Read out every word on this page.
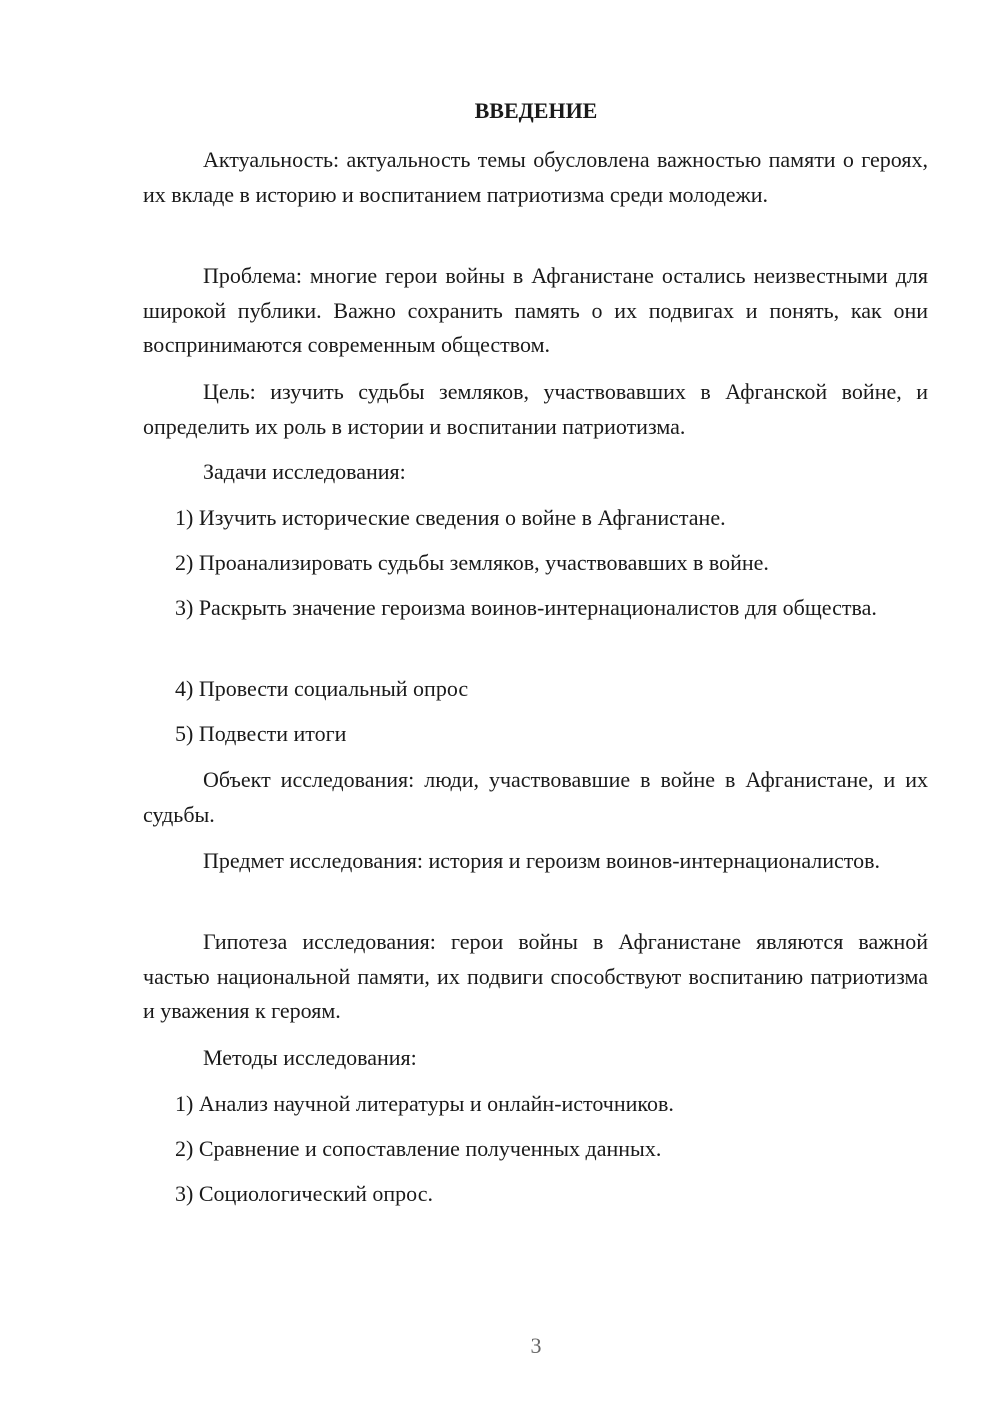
ВВЕДЕНИЕ

Актуальность: актуальность темы обусловлена важностью памяти о героях, их вкладе в историю и воспитанием патриотизма среди молодежи.

Проблема: многие герои войны в Афганистане остались неизвестными для широкой публики. Важно сохранить память о их подвигах и понять, как они воспринимаются современным обществом.

Цель: изучить судьбы земляков, участвовавших в Афганской войне, и определить их роль в истории и воспитании патриотизма.

Задачи исследования:

1) Изучить исторические сведения о войне в Афганистане.

2) Проанализировать судьбы земляков, участвовавших в войне.

3) Раскрыть значение героизма воинов-интернационалистов для общества.

4) Провести социальный опрос

5) Подвести итоги

Объект исследования: люди, участвовавшие в войне в Афганистане, и их судьбы.

Предмет исследования: история и героизм воинов-интернационалистов.

Гипотеза исследования: герои войны в Афганистане являются важной частью национальной памяти, их подвиги способствуют воспитанию патриотизма и уважения к героям.

Методы исследования:

1) Анализ научной литературы и онлайн-источников.

2) Сравнение и сопоставление полученных данных.

3) Социологический опрос.

3
